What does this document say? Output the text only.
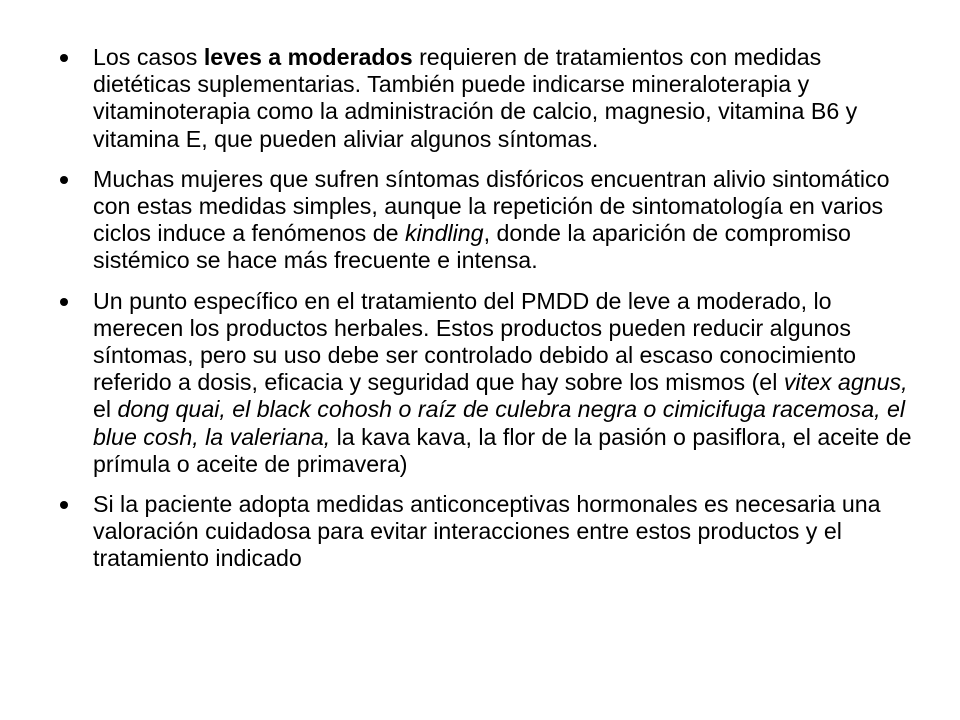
Los casos leves a moderados requieren de tratamientos con medidas dietéticas suplementarias. También puede indicarse mineraloterapia y vitaminoterapia como la administración de calcio, magnesio, vitamina B6 y vitamina E, que pueden aliviar algunos síntomas.
Muchas mujeres que sufren síntomas disfóricos encuentran alivio sintomático con estas medidas simples, aunque la repetición de sintomatología en varios ciclos induce a fenómenos de kindling, donde la aparición de compromiso sistémico se hace más frecuente e intensa.
Un punto específico en el tratamiento del PMDD de leve a moderado, lo merecen los productos herbales. Estos productos pueden reducir algunos síntomas, pero su uso debe ser controlado debido al escaso conocimiento referido a dosis, eficacia y seguridad que hay sobre los mismos (el vitex agnus, el dong quai, el black cohosh o raíz de culebra negra o cimicifuga racemosa, el blue cosh, la valeriana, la kava kava, la flor de la pasión o pasiflora, el aceite de prímula o aceite de primavera)
Si la paciente adopta medidas anticonceptivas hormonales es necesaria una valoración cuidadosa para evitar interacciones entre estos productos y el tratamiento indicado
